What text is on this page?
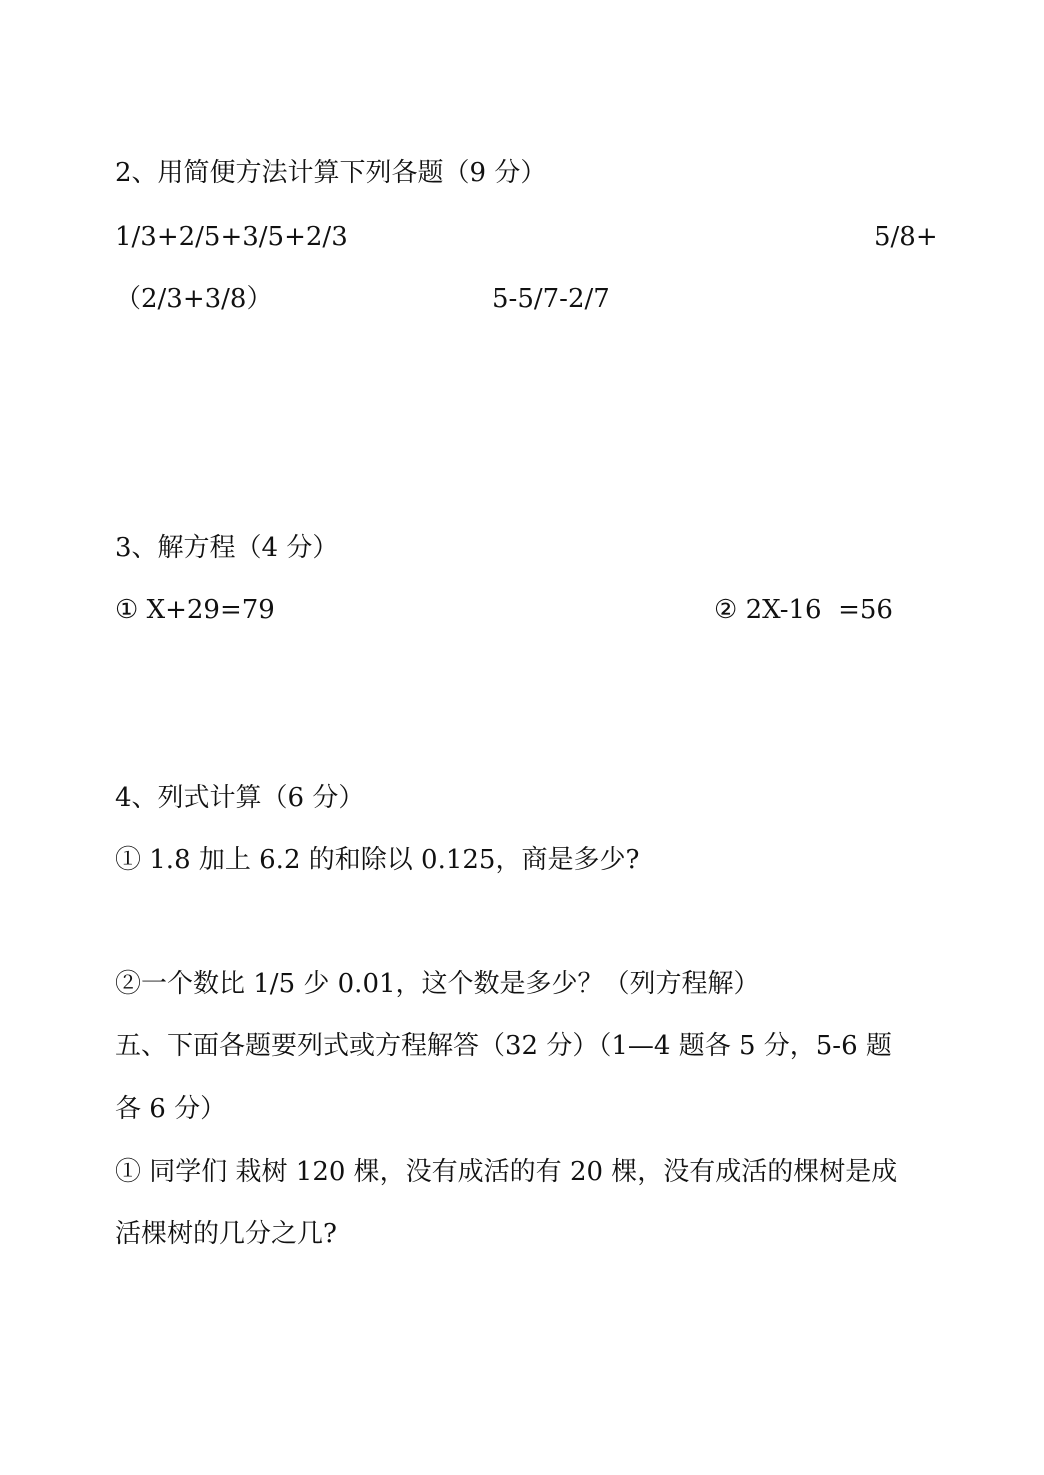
2、用简便方法计算下列各题（9 分）
1/3+2/5+3/5+2/3	5/8+
（2/3+3/8）	5-5/7-2/7
3、解方程（4 分）
① X+29=79	② 2X-16  =56
4、列式计算（6 分）
① 1.8 加上 6.2 的和除以 0.125，商是多少?
②一个数比 1/5 少 0.01，这个数是多少？（列方程解）
五、下面各题要列式或方程解答（32 分）（1—4 题各 5 分，5-6 题
各 6 分）
① 同学们 栽树 120 棵，没有成活的有 20 棵，没有成活的棵树是成
活棵树的几分之几?
